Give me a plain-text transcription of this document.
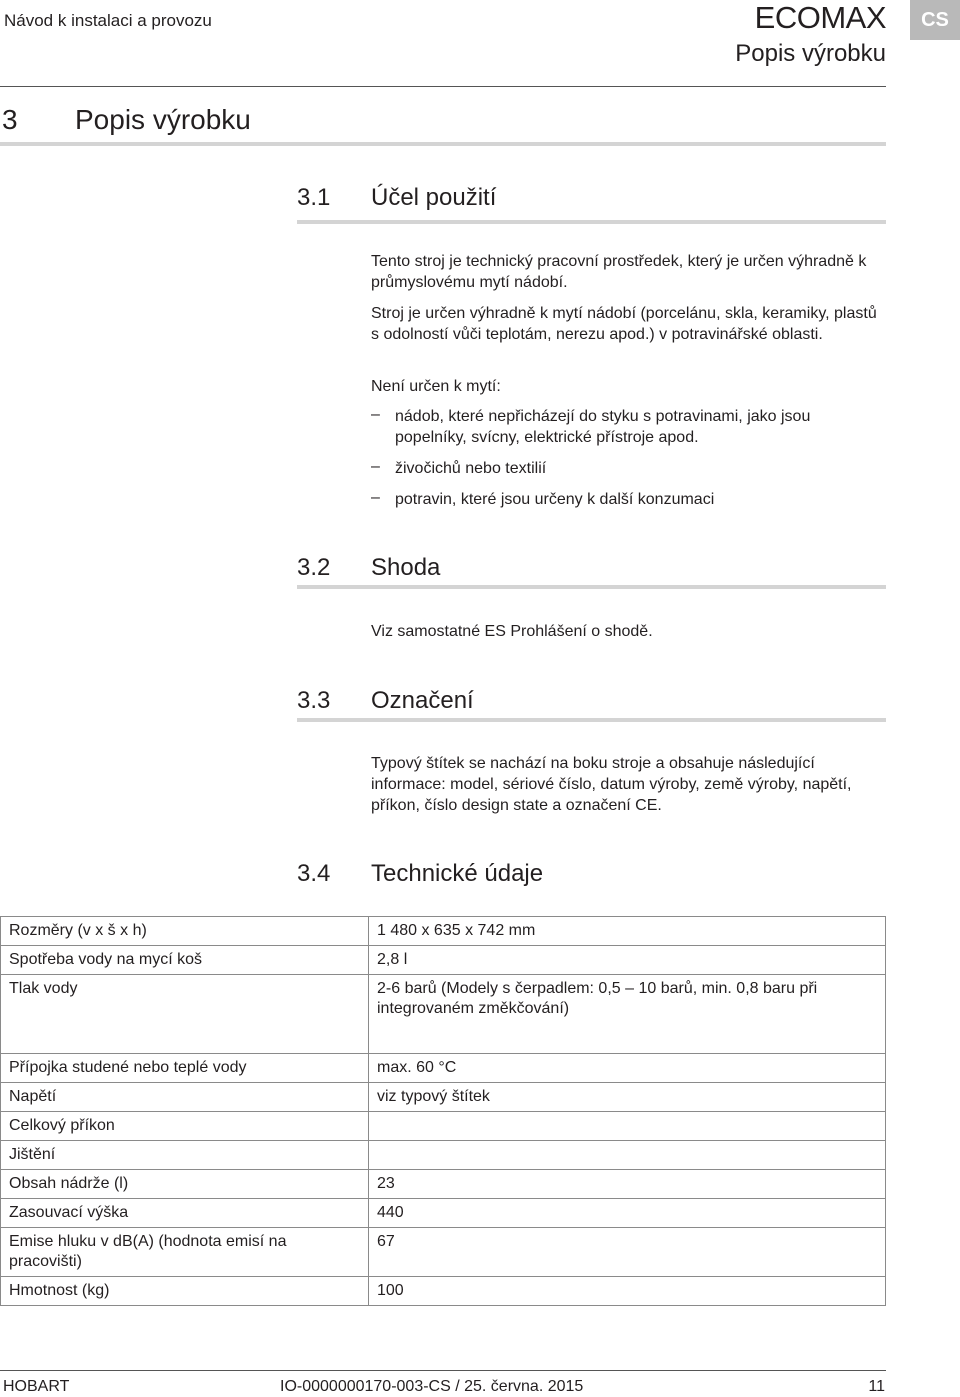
Návod k instalaci a provozu	ECOMAX
Popis výrobku
CS
3 Popis výrobku
3.1 Účel použití
Tento stroj je technický pracovní prostředek, který je určen výhradně k průmyslovému mytí nádobí.
Stroj je určen výhradně k mytí nádobí (porcelánu, skla, keramiky, plastů s odolností vůči teplotám, nerezu apod.) v potravinářské oblasti.
Není určen k mytí:
– nádob, které nepřicházejí do styku s potravinami, jako jsou popelníky, svícny, elektrické přístroje apod.
– živočichů nebo textilií
– potravin, které jsou určeny k další konzumaci
3.2 Shoda
Viz samostatné ES Prohlášení o shodě.
3.3 Označení
Typový štítek se nachází na boku stroje a obsahuje následující informace: model, sériové číslo, datum výroby, země výroby, napětí, příkon, číslo design state a označení CE.
3.4 Technické údaje
Rozměry (v x š x h)	1 480 x 635 x 742 mm
Spotřeba vody na mycí koš	2,8 l
Tlak vody	2-6 barů (Modely s čerpadlem: 0,5 – 10 barů, min. 0,8 baru při integrovaném změkčování)
Přípojka studené nebo teplé vody	max. 60 °C
Napětí	viz typový štítek
Celkový příkon	
Jištění	
Obsah nádrže (l)	23
Zasouvací výška	440
Emise hluku v dB(A) (hodnota emisí na pracovišti)	67
Hmotnost (kg)	100
HOBART	IO-0000000170-003-CS / 25. června. 2015	11
